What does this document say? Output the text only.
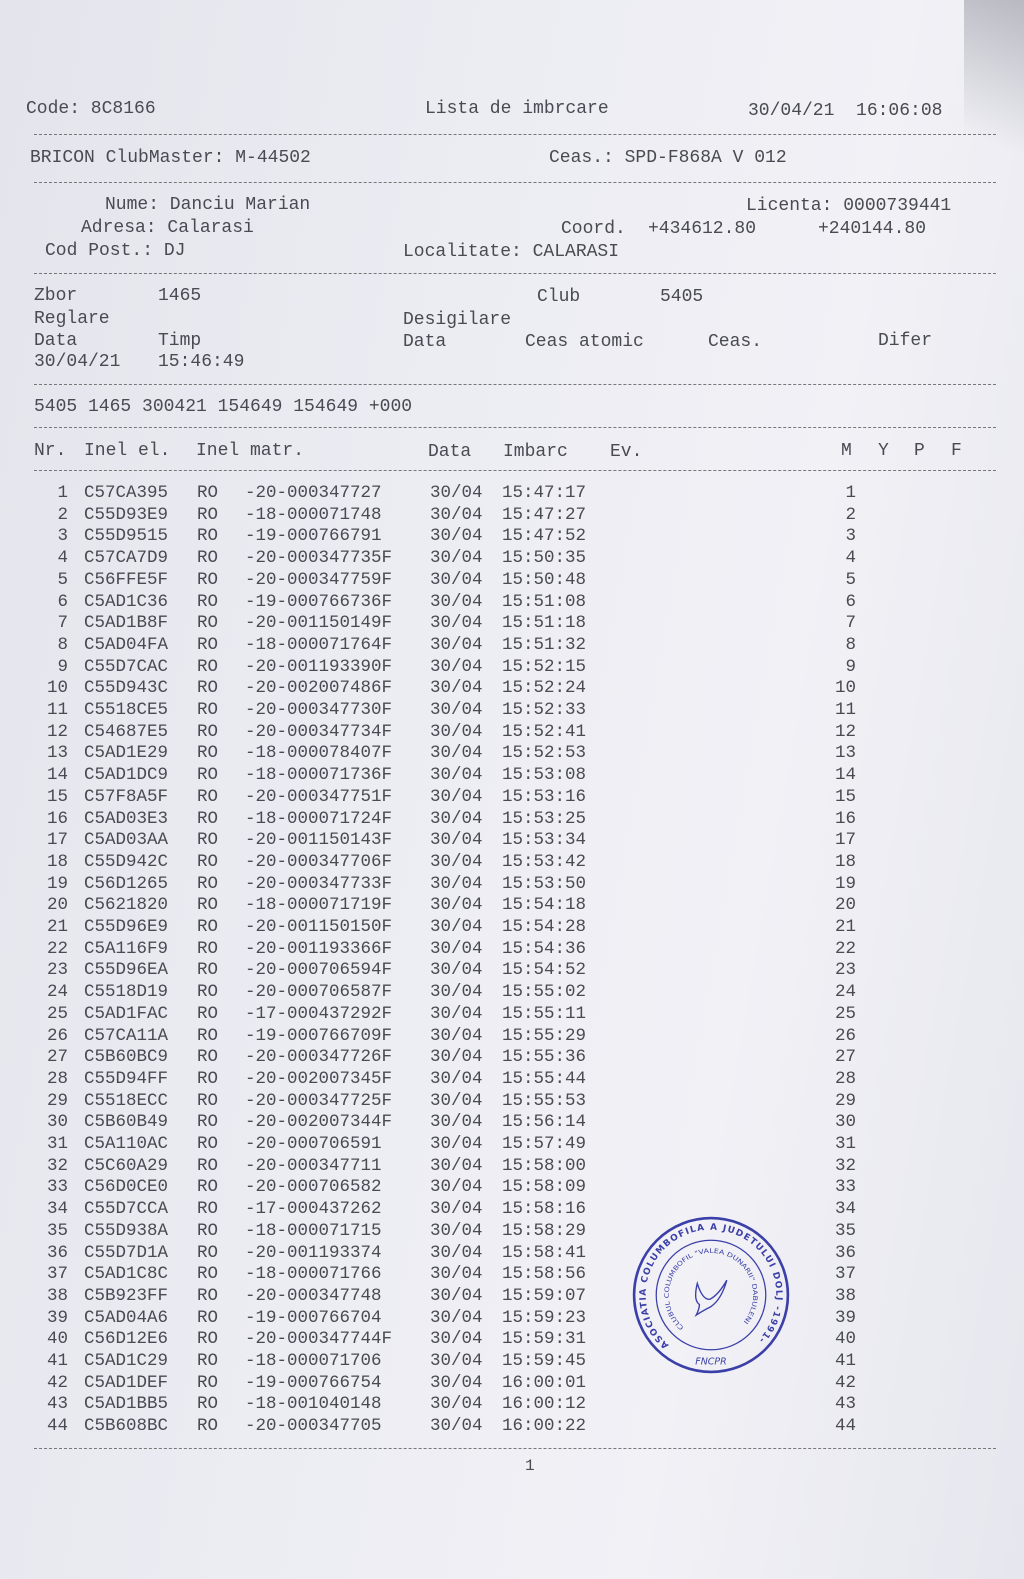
Code: 8C8166	Lista de imbrcare	30/04/21  16:06:08
BRICON ClubMaster: M-44502	Ceas.: SPD-F868A V 012
Nume: Danciu Marian	Licenta: 0000739441
Adresa: Calarasi	Coord. +434612.80	+240144.80
Cod Post.: DJ	Localitate: CALARASI
Zbor	1465	Club	5405
Reglare	Desigilare
Data	Timp	Data	Ceas atomic	Ceas.	Difer
30/04/21 15:46:49
5405 1465 300421 154649 154649 +000
Nr. Inel el. Inel matr.	Data Imbarc Ev.	M Y P F
1 C57CA395 RO -20-000347727	30/04 15:47:17	1
2 C55D93E9 RO -18-000071748	30/04 15:47:27	2
3 C55D9515 RO -19-000766791	30/04 15:47:52	3
4 C57CA7D9 RO -20-000347735F 30/04 15:50:35	4
5 C56FFE5F RO -20-000347759F 30/04 15:50:48	5
6 C5AD1C36 RO -19-000766736F 30/04 15:51:08	6
7 C5AD1B8F RO -20-001150149F 30/04 15:51:18	7
8 C5AD04FA RO -18-000071764F 30/04 15:51:32	8
9 C55D7CAC RO -20-001193390F 30/04 15:52:15	9
10 C55D943C RO -20-002007486F 30/04 15:52:24	10
11 C5518CE5 RO -20-000347730F 30/04 15:52:33	11
12 C54687E5 RO -20-000347734F 30/04 15:52:41	12
13 C5AD1E29 RO -18-000078407F 30/04 15:52:53	13
14 C5AD1DC9 RO -18-000071736F 30/04 15:53:08	14
15 C57F8A5F RO -20-000347751F 30/04 15:53:16	15
16 C5AD03E3 RO -18-000071724F 30/04 15:53:25	16
17 C5AD03AA RO -20-001150143F 30/04 15:53:34	17
18 C55D942C RO -20-000347706F 30/04 15:53:42	18
19 C56D1265 RO -20-000347733F 30/04 15:53:50	19
20 C5621820 RO -18-000071719F 30/04 15:54:18	20
21 C55D96E9 RO -20-001150150F 30/04 15:54:28	21
22 C5A116F9 RO -20-001193366F 30/04 15:54:36	22
23 C55D96EA RO -20-000706594F 30/04 15:54:52	23
24 C5518D19 RO -20-000706587F 30/04 15:55:02	24
25 C5AD1FAC RO -17-000437292F 30/04 15:55:11	25
26 C57CA11A RO -19-000766709F 30/04 15:55:29	26
27 C5B60BC9 RO -20-000347726F 30/04 15:55:36	27
28 C55D94FF RO -20-002007345F 30/04 15:55:44	28
29 C5518ECC RO -20-000347725F 30/04 15:55:53	29
30 C5B60B49 RO -20-002007344F 30/04 15:56:14	30
31 C5A110AC RO -20-000706591	30/04 15:57:49	31
32 C5C60A29 RO -20-000347711	30/04 15:58:00	32
33 C56D0CE0 RO -20-000706582	30/04 15:58:09	33
34 C55D7CCA RO -17-000437262	30/04 15:58:16	34
35 C55D938A RO -18-000071715	30/04 15:58:29	35
36 C55D7D1A RO -20-001193374	30/04 15:58:41	36
37 C5AD1C8C RO -18-000071766	30/04 15:58:56	37
38 C5B923FF RO -20-000347748	30/04 15:59:07	38
39 C5AD04A6 RO -19-000766704	30/04 15:59:23	39
40 C56D12E6 RO -20-000347744F 30/04 15:59:31	40
41 C5AD1C29 RO -18-000071706	30/04 15:59:45	41
42 C5AD1DEF RO -19-000766754	30/04 16:00:01	42
43 C5AD1BB5 RO -18-001040148	30/04 16:00:12	43
44 C5B608BC RO -20-000347705	30/04 16:00:22	44
1
ASOCIATIA COLUMBOFILA A JUDETULUI DOLJ -1991-
CLUBUL COLUMBOFIL "VALEA DUNARII" DABULENI
FNCPR
